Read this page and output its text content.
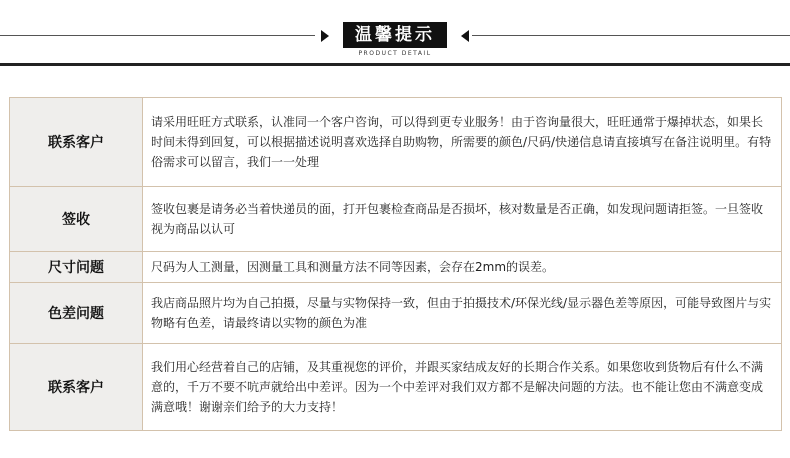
温馨提示
PRODUCT DETAIL
联系客户	请采用旺旺方式联系，认准同一个客户咨询，可以得到更专业服务！由于咨询量很大，旺旺通常于爆掉状态，如果长时间未得到回复，可以根据描述说明喜欢选择自助购物，所需要的颜色/尺码/快递信息请直接填写在备注说明里。有特俗需求可以留言，我们一一处理
签收	签收包裹是请务必当着快递员的面，打开包裹检查商品是否损坏，核对数量是否正确，如发现问题请拒签。一旦签收视为商品以认可
尺寸问题	尺码为人工测量，因测量工具和测量方法不同等因素，会存在2mm的误差。
色差问题	我店商品照片均为自己拍摄，尽量与实物保持一致，但由于拍摄技术/环保光线/显示器色差等原因，可能导致图片与实物略有色差，请最终请以实物的颜色为准
联系客户	我们用心经营着自己的店铺，及其重视您的评价，并跟买家结成友好的长期合作关系。如果您收到货物后有什么不满意的，千万不要不吭声就给出中差评。因为一个中差评对我们双方都不是解决问题的方法。也不能让您由不满意变成满意哦！谢谢亲们给予的大力支持！
